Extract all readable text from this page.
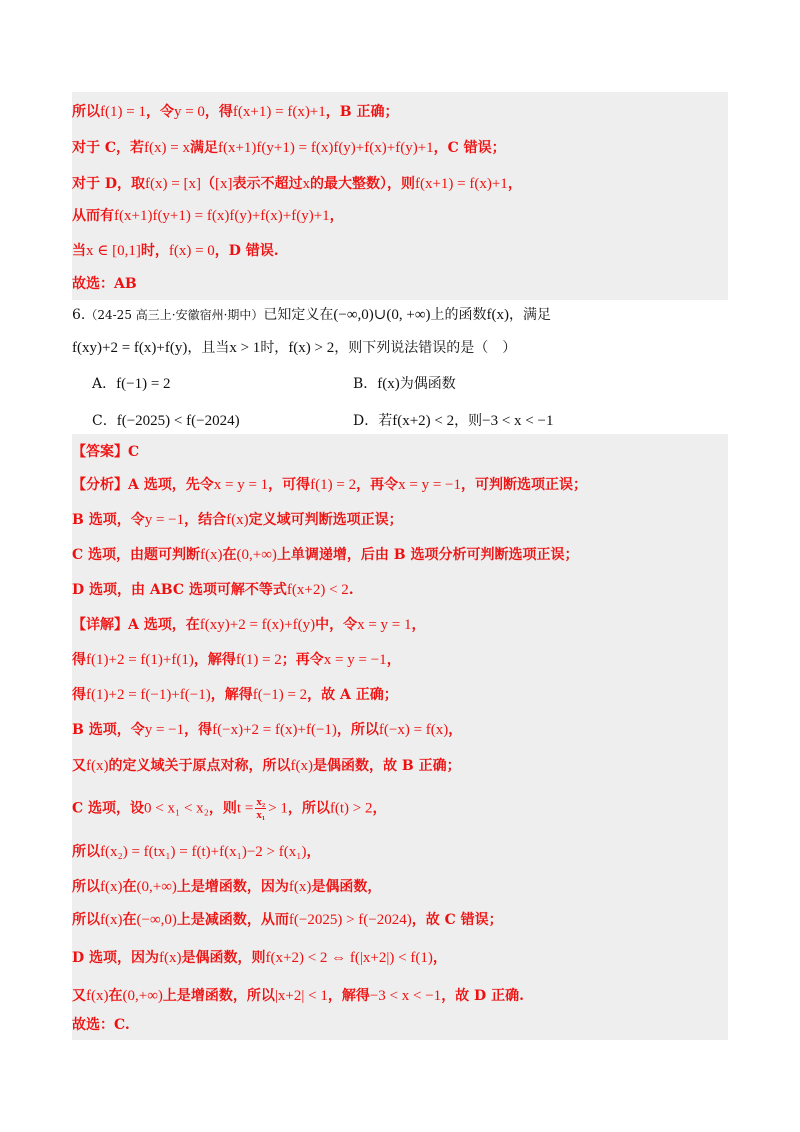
所以f(1) = 1，令y = 0，得f(x+1) = f(x)+1，B 正确；
对于 C，若f(x) = x满足f(x+1)f(y+1) = f(x)f(y)+f(x)+f(y)+1，C 错误；
对于 D，取f(x) = [x]（[x]表示不超过x的最大整数），则f(x+1) = f(x)+1，
从而有f(x+1)f(y+1) = f(x)f(y)+f(x)+f(y)+1，
当x ∈ [0,1]时，f(x) = 0，D 错误.
故选：AB
6.（24-25 高三上·安徽宿州·期中）已知定义在(−∞,0)∪(0, +∞)上的函数f(x)，满足
f(xy)+2 = f(x)+f(y)，且当x > 1时，f(x) > 2，则下列说法错误的是（　）
A．f(−1) = 2	B．f(x)为偶函数
C．f(−2025) < f(−2024)	D．若f(x+2) < 2，则−3 < x < −1
【答案】C
【分析】A 选项，先令x = y = 1，可得f(1) = 2，再令x = y = −1，可判断选项正误；
B 选项，令y = −1，结合f(x)定义域可判断选项正误；
C 选项，由题可判断f(x)在(0,+∞)上单调递增，后由 B 选项分析可判断选项正误；
D 选项，由 ABC 选项可解不等式f(x+2) < 2.
【详解】A 选项，在f(xy)+2 = f(x)+f(y)中，令x = y = 1，
得f(1)+2 = f(1)+f(1)，解得f(1) = 2；再令x = y = −1，
得f(1)+2 = f(−1)+f(−1)，解得f(−1) = 2，故 A 正确；
B 选项，令y = −1，得f(−x)+2 = f(x)+f(−1)，所以f(−x) = f(x)，
又f(x)的定义域关于原点对称，所以f(x)是偶函数，故 B 正确；
C 选项，设0 < x₁ < x₂，则$t = \frac{\text{x₂}}{\text{x₁}} > 1$，所以f(t) > 2，
所以f(x₂) = f(tx₁) = f(t)+f(x₁)−2 > f(x₁)，
所以f(x)在(0,+∞)上是增函数，因为f(x)是偶函数，
所以f(x)在(−∞,0)上是减函数，从而f(−2025) > f(−2024)，故 C 错误；
D 选项，因为f(x)是偶函数，则f(x+2) < 2 ⇔ f(|x+2|) < f(1)，
又f(x)在(0,+∞)上是增函数，所以|x+2| < 1，解得−3 < x < −1，故 D 正确.
故选：C.
